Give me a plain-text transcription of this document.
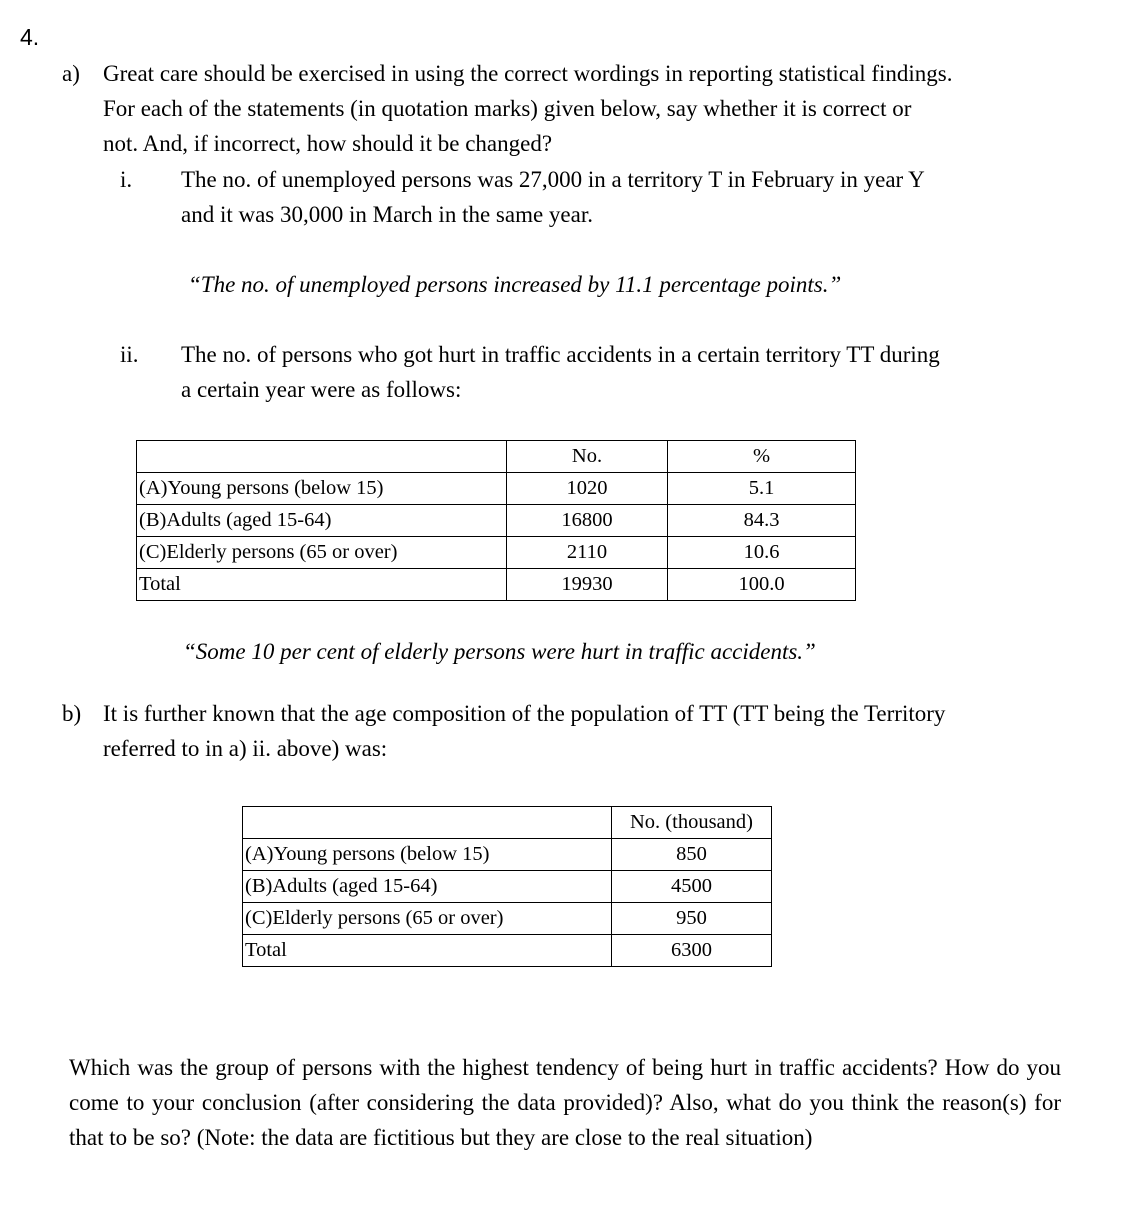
4.
a) Great care should be exercised in using the correct wordings in reporting statistical findings.
For each of the statements (in quotation marks) given below, say whether it is correct or
not. And, if incorrect, how should it be changed?
i. The no. of unemployed persons was 27,000 in a territory T in February in year Y
and it was 30,000 in March in the same year.
“The no. of unemployed persons increased by 11.1 percentage points.”
ii. The no. of persons who got hurt in traffic accidents in a certain territory TT during
a certain year were as follows:
	No.	%
(A)Young persons (below 15)	1020	5.1
(B)Adults (aged 15-64)	16800	84.3
(C)Elderly persons (65 or over)	2110	10.6
Total	19930	100.0
“Some 10 per cent of elderly persons were hurt in traffic accidents.”
b) It is further known that the age composition of the population of TT (TT being the Territory
referred to in a) ii. above) was:
	No. (thousand)
(A)Young persons (below 15)	850
(B)Adults (aged 15-64)	4500
(C)Elderly persons (65 or over)	950
Total	6300
Which was the group of persons with the highest tendency of being hurt in traffic accidents? How do you come to your conclusion (after considering the data provided)? Also, what do you think the reason(s) for that to be so? (Note: the data are fictitious but they are close to the real situation)
